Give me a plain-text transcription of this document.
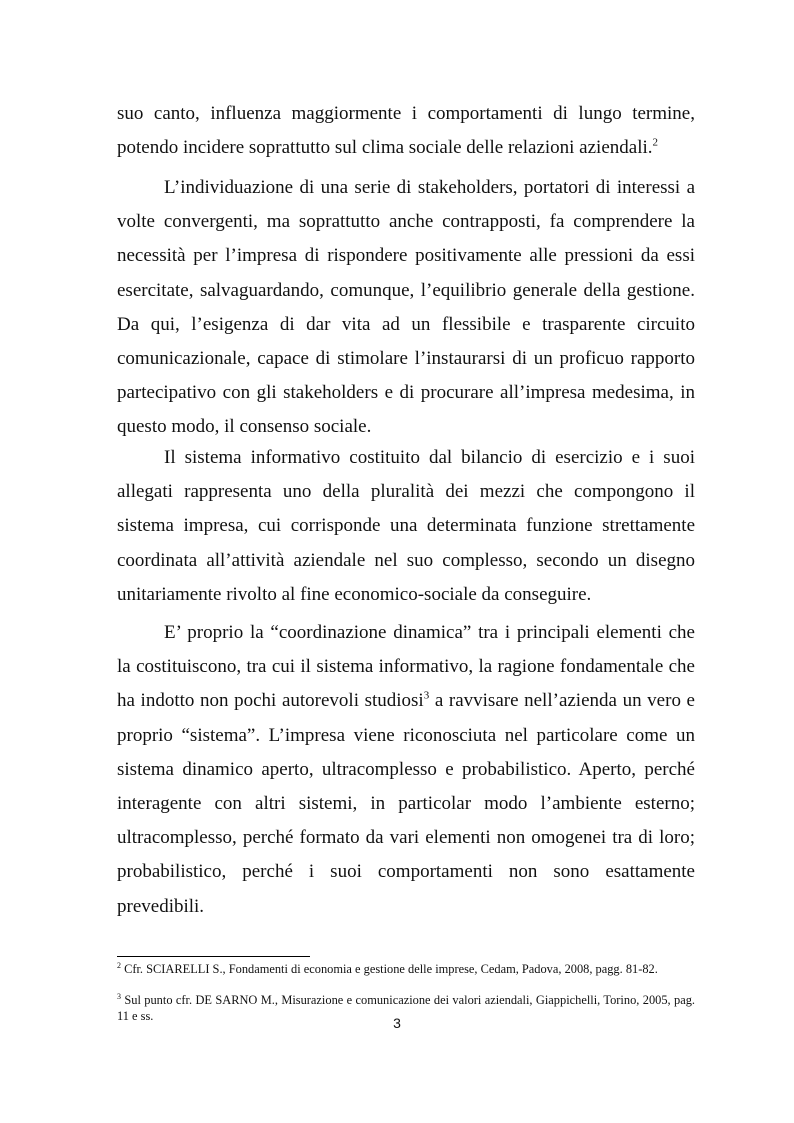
suo canto, influenza maggiormente i comportamenti di lungo termine, potendo incidere soprattutto sul clima sociale delle relazioni aziendali.$^2$

L’individuazione di una serie di stakeholders, portatori di interessi a volte convergenti, ma soprattutto anche contrapposti, fa comprendere la necessità per l’impresa di rispondere positivamente alle pressioni da essi esercitate, salvaguardando, comunque, l’equilibrio generale della gestione. Da qui, l’esigenza di dar vita ad un flessibile e trasparente circuito comunicazionale, capace di stimolare l’instaurarsi di un proficuo rapporto partecipativo con gli stakeholders e di procurare all’impresa medesima, in questo modo, il consenso sociale.

Il sistema informativo costituito dal bilancio di esercizio e i suoi allegati rappresenta uno della pluralità dei mezzi che compongono il sistema impresa, cui corrisponde una determinata funzione strettamente coordinata all’attività aziendale nel suo complesso, secondo un disegno unitariamente rivolto al fine economico-sociale da conseguire.

E’ proprio la “coordinazione dinamica” tra i principali elementi che la costituiscono, tra cui il sistema informativo, la ragione fondamentale che ha indotto non pochi autorevoli studiosi$^3$ a ravvisare nell’azienda un vero e proprio “sistema”. L’impresa viene riconosciuta nel particolare come un sistema dinamico aperto, ultracomplesso e probabilistico. Aperto, perché interagente con altri sistemi, in particolar modo l’ambiente esterno; ultracomplesso, perché formato da vari elementi non omogenei tra di loro; probabilistico, perché i suoi comportamenti non sono esattamente prevedibili.

$^2$ Cfr. SCIARELLI S., Fondamenti di economia e gestione delle imprese, Cedam, Padova, 2008, pagg. 81-82.

$^3$ Sul punto cfr. DE SARNO M., Misurazione e comunicazione dei valori aziendali, Giappichelli, Torino, 2005, pag. 11 e ss.	3
